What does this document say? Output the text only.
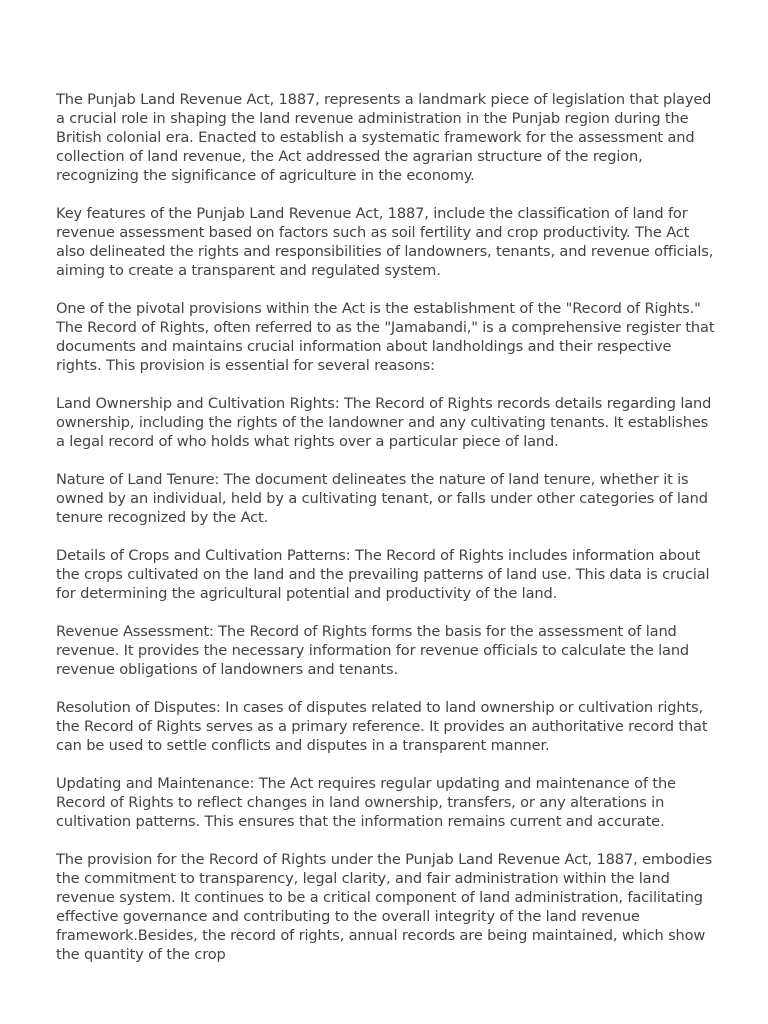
The Punjab Land Revenue Act, 1887, represents a landmark piece of legislation that played a crucial role in shaping the land revenue administration in the Punjab region during the British colonial era. Enacted to establish a systematic framework for the assessment and collection of land revenue, the Act addressed the agrarian structure of the region, recognizing the significance of agriculture in the economy.

Key features of the Punjab Land Revenue Act, 1887, include the classification of land for revenue assessment based on factors such as soil fertility and crop productivity. The Act also delineated the rights and responsibilities of landowners, tenants, and revenue officials, aiming to create a transparent and regulated system.

One of the pivotal provisions within the Act is the establishment of the "Record of Rights." The Record of Rights, often referred to as the "Jamabandi," is a comprehensive register that documents and maintains crucial information about landholdings and their respective rights. This provision is essential for several reasons:

Land Ownership and Cultivation Rights: The Record of Rights records details regarding land ownership, including the rights of the landowner and any cultivating tenants. It establishes a legal record of who holds what rights over a particular piece of land.

Nature of Land Tenure: The document delineates the nature of land tenure, whether it is owned by an individual, held by a cultivating tenant, or falls under other categories of land tenure recognized by the Act.

Details of Crops and Cultivation Patterns: The Record of Rights includes information about the crops cultivated on the land and the prevailing patterns of land use. This data is crucial for determining the agricultural potential and productivity of the land.

Revenue Assessment: The Record of Rights forms the basis for the assessment of land revenue. It provides the necessary information for revenue officials to calculate the land revenue obligations of landowners and tenants.

Resolution of Disputes: In cases of disputes related to land ownership or cultivation rights, the Record of Rights serves as a primary reference. It provides an authoritative record that can be used to settle conflicts and disputes in a transparent manner.

Updating and Maintenance: The Act requires regular updating and maintenance of the Record of Rights to reflect changes in land ownership, transfers, or any alterations in cultivation patterns. This ensures that the information remains current and accurate.

The provision for the Record of Rights under the Punjab Land Revenue Act, 1887, embodies the commitment to transparency, legal clarity, and fair administration within the land revenue system. It continues to be a critical component of land administration, facilitating effective governance and contributing to the overall integrity of the land revenue framework.Besides, the record of rights, annual records are being maintained, which show the quantity of the crop
